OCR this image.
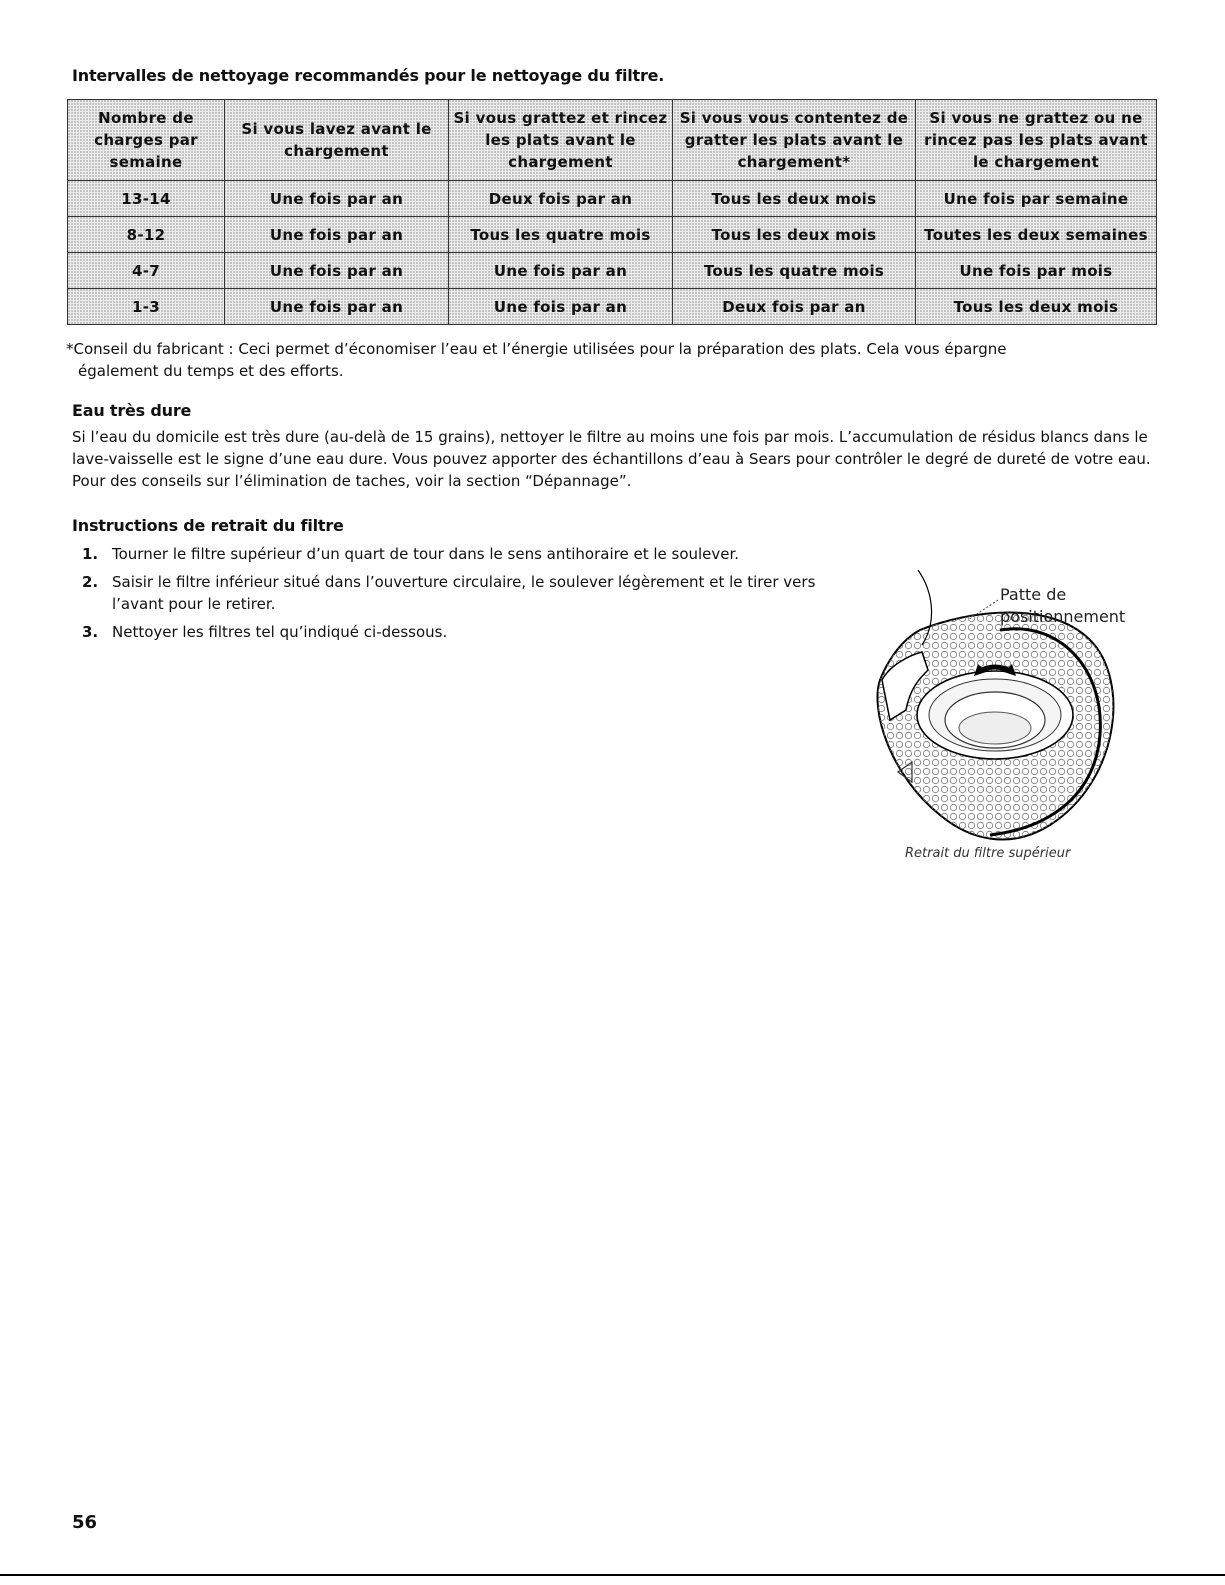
Intervalles de nettoyage recommandés pour le nettoyage du filtre.
Nombre de charges par semaine	Si vous lavez avant le chargement	Si vous grattez et rincez les plats avant le chargement	Si vous vous contentez de gratter les plats avant le chargement*	Si vous ne grattez ou ne rincez pas les plats avant le chargement
13-14	Une fois par an	Deux fois par an	Tous les deux mois	Une fois par semaine
8-12	Une fois par an	Tous les quatre mois	Tous les deux mois	Toutes les deux semaines
4-7	Une fois par an	Une fois par an	Tous les quatre mois	Une fois par mois
1-3	Une fois par an	Une fois par an	Deux fois par an	Tous les deux mois
*Conseil du fabricant : Ceci permet d’économiser l’eau et l’énergie utilisées pour la préparation des plats. Cela vous épargne
également du temps et des efforts.
Eau très dure
Si l’eau du domicile est très dure (au-delà de 15 grains), nettoyer le filtre au moins une fois par mois. L’accumulation de résidus blancs dans le lave-vaisselle est le signe d’une eau dure. Vous pouvez apporter des échantillons d’eau à Sears pour contrôler le degré de dureté de votre eau. Pour des conseils sur l’élimination de taches, voir la section “Dépannage”.
Instructions de retrait du filtre
1. Tourner le filtre supérieur d’un quart de tour dans le sens antihoraire et le soulever.
2. Saisir le filtre inférieur situé dans l’ouverture circulaire, le soulever légèrement et le tirer vers l’avant pour le retirer.
3. Nettoyer les filtres tel qu’indiqué ci-dessous.
Patte de
positionnement
Retrait du filtre supérieur
56
